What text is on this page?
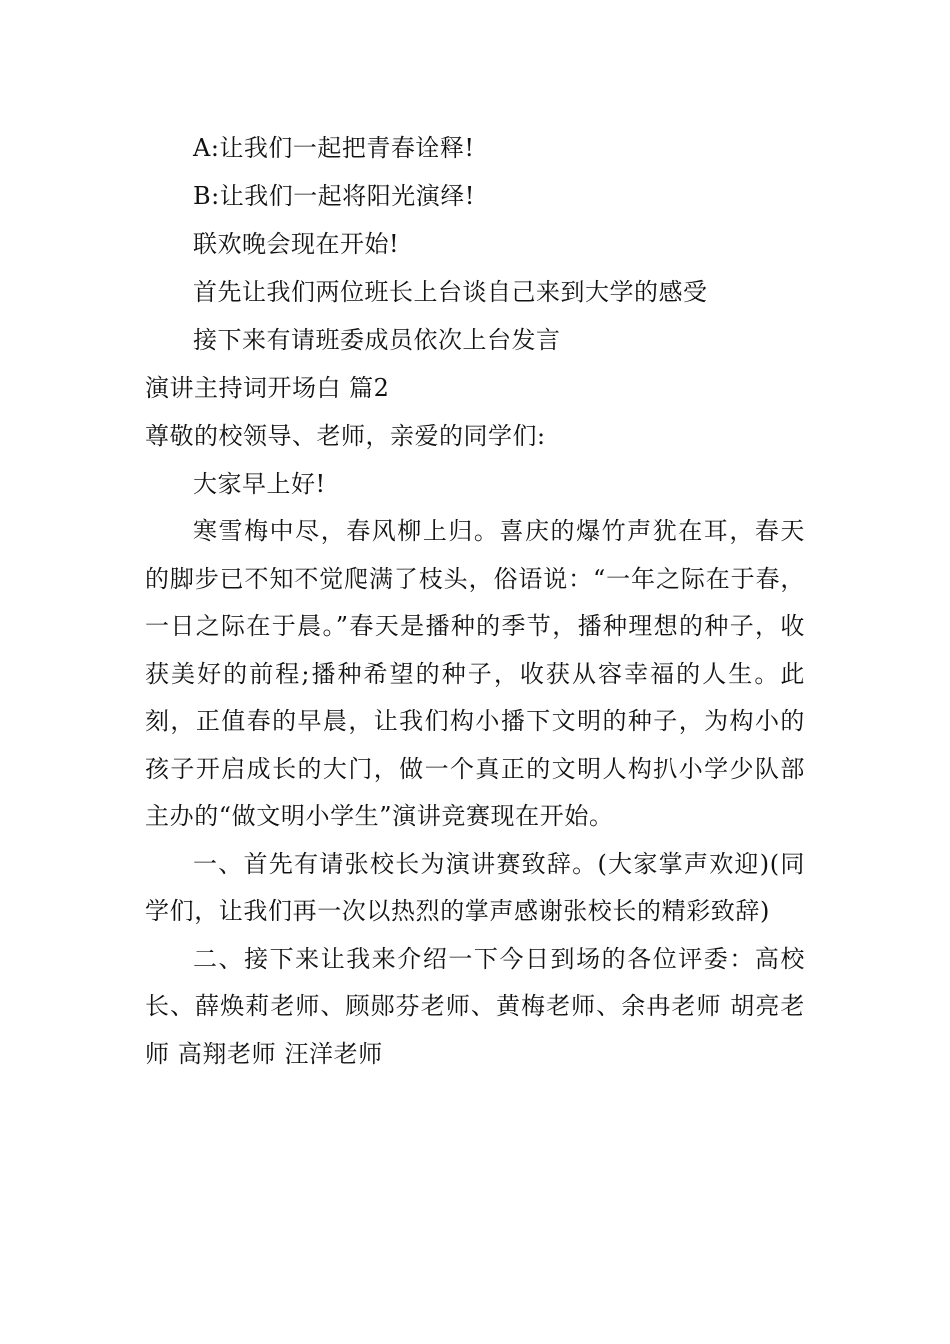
A:让我们一起把青春诠释!
B:让我们一起将阳光演绎!
联欢晚会现在开始!
首先让我们两位班长上台谈自己来到大学的感受
接下来有请班委成员依次上台发言
演讲主持词开场白 篇2
尊敬的校领导、老师，亲爱的同学们:
大家早上好!

寒雪梅中尽，春风柳上归。喜庆的爆竹声犹在耳，春天的脚步已不知不觉爬满了枝头，俗语说：“一年之际在于春，一日之际在于晨。”春天是播种的季节，播种理想的种子，收获美好的前程;播种希望的种子，收获从容幸福的人生。此刻，正值春的早晨，让我们构小播下文明的种子，为构小的孩子开启成长的大门，做一个真正的文明人构扒小学少队部主办的“做文明小学生”演讲竞赛现在开始。

一、首先有请张校长为演讲赛致辞。(大家掌声欢迎)(同学们，让我们再一次以热烈的掌声感谢张校长的精彩致辞)

二、接下来让我来介绍一下今日到场的各位评委：高校长、薛焕莉老师、顾郧芬老师、黄梅老师、余冉老师 胡亮老师 高翔老师 汪洋老师
